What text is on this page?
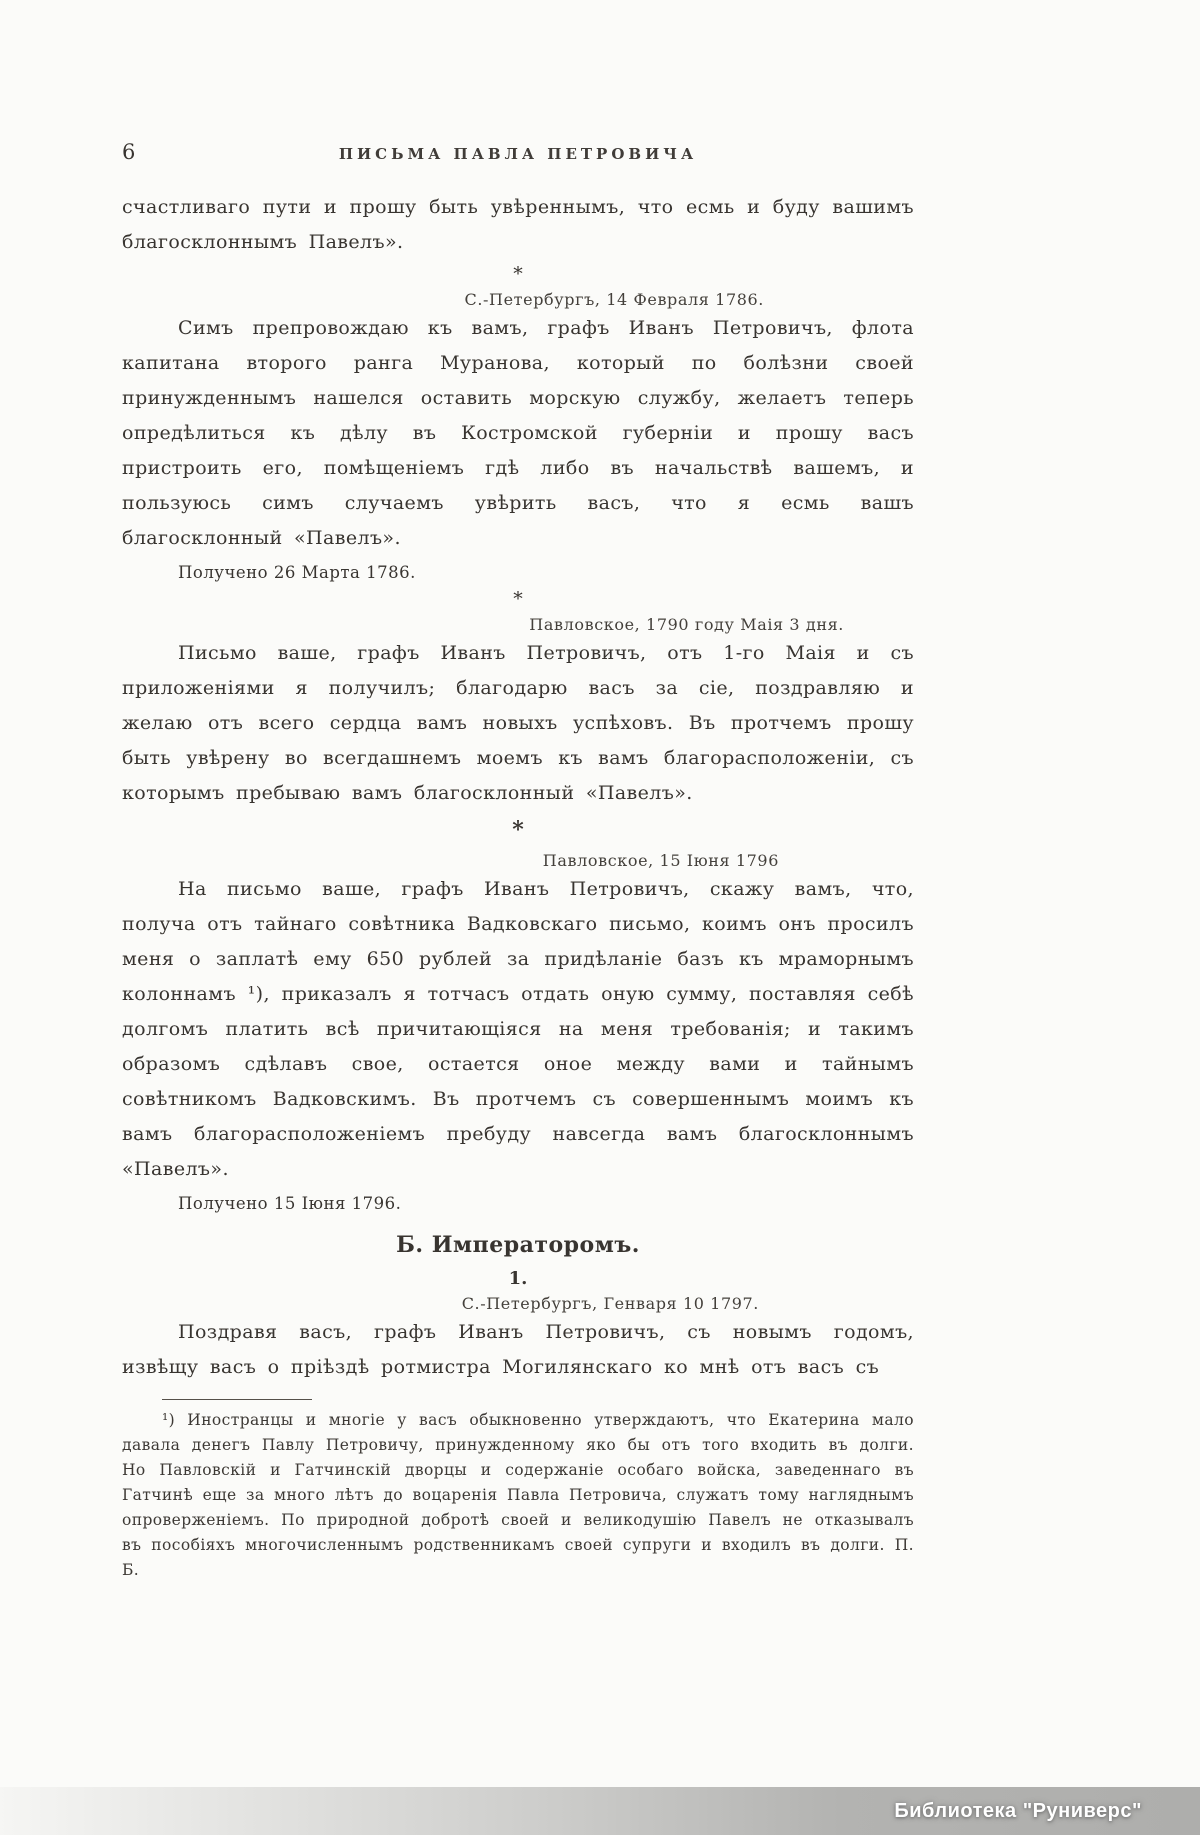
6	ПИСЬМА ПАВЛА ПЕТРОВИЧА

счастливаго пути и прошу быть увѣреннымъ, что есмь и буду вашимъ благосклоннымъ Павелъ».

*
С.-Петербургъ, 14 Февраля 1786.

Симъ препровождаю къ вамъ, графъ Иванъ Петровичъ, флота капитана второго ранга Муранова, который по болѣзни своей принужденнымъ нашелся оставить морскую службу, желаетъ теперь опредѣлиться къ дѣлу въ Костромской губерніи и прошу васъ пристроить его, помѣщеніемъ гдѣ либо въ начальствѣ вашемъ, и пользуюсь симъ случаемъ увѣрить васъ, что я есмь вашъ благосклонный «Павелъ».

Получено 26 Марта 1786.
*
Павловское, 1790 году Маія 3 дня.

Письмо ваше, графъ Иванъ Петровичъ, отъ 1-го Маія и съ приложеніями я получилъ; благодарю васъ за сіе, поздравляю и желаю отъ всего сердца вамъ новыхъ успѣховъ. Въ протчемъ прошу быть увѣрену во всегдашнемъ моемъ къ вамъ благорасположеніи, съ которымъ пребываю вамъ благосклонный «Павелъ».

*
Павловское, 15 Іюня 1796

На письмо ваше, графъ Иванъ Петровичъ, скажу вамъ, что, получа отъ тайнаго совѣтника Вадковскаго письмо, коимъ онъ просилъ меня о заплатѣ ему 650 рублей за придѣланіе базъ къ мраморнымъ колоннамъ ¹), приказалъ я тотчасъ отдать оную сумму, поставляя себѣ долгомъ платить всѣ причитающіяся на меня требованія; и такимъ образомъ сдѣлавъ свое, остается оное между вами и тайнымъ совѣтникомъ Вадковскимъ. Въ протчемъ съ совершеннымъ моимъ къ вамъ благорасположеніемъ пребуду навсегда вамъ благосклоннымъ «Павелъ».

Получено 15 Іюня 1796.
Б. Императоромъ.
1.
С.-Петербургъ, Генваря 10 1797.

Поздравя васъ, графъ Иванъ Петровичъ, съ новымъ годомъ, извѣщу васъ о пріѣздѣ ротмистра Могилянскаго ко мнѣ отъ васъ съ

¹) Иностранцы и многіе у васъ обыкновенно утверждаютъ, что Екатерина мало давала денегъ Павлу Петровичу, принужденному яко бы отъ того входить въ долги. Но Павловскій и Гатчинскій дворцы и содержаніе особаго войска, заведеннаго въ Гатчинѣ еще за много лѣтъ до воцаренія Павла Петровича, служатъ тому нагляднымъ опроверженіемъ. По природной добротѣ своей и великодушію Павелъ не отказывалъ въ пособіяхъ многочисленнымъ родственникамъ своей супруги и входилъ въ долги. П. Б.

Библиотека "Руниверс"
